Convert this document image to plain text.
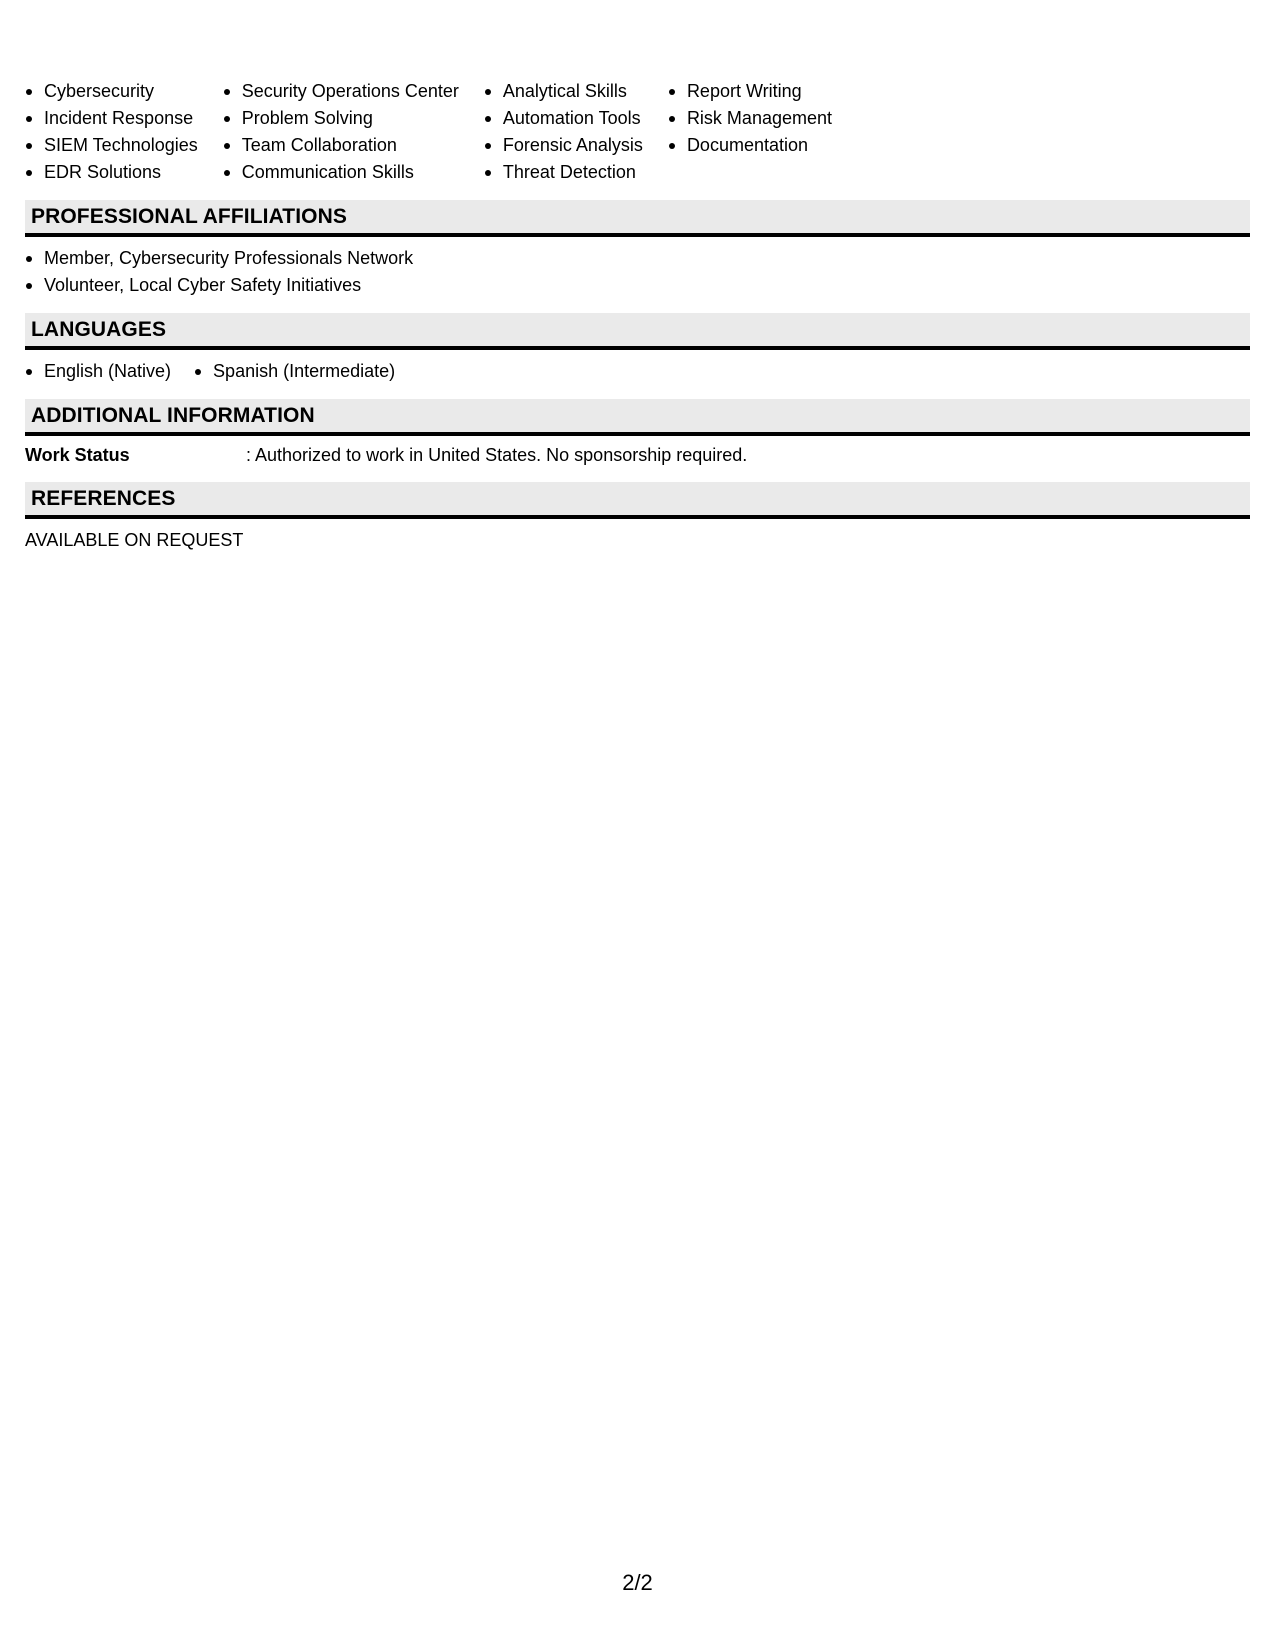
Cybersecurity
Incident Response
SIEM Technologies
EDR Solutions
Security Operations Center
Problem Solving
Team Collaboration
Communication Skills
Analytical Skills
Automation Tools
Forensic Analysis
Threat Detection
Report Writing
Risk Management
Documentation
PROFESSIONAL AFFILIATIONS
Member, Cybersecurity Professionals Network
Volunteer, Local Cyber Safety Initiatives
LANGUAGES
English (Native)	Spanish (Intermediate)
ADDITIONAL INFORMATION
Work Status	: Authorized to work in United States. No sponsorship required.
REFERENCES
AVAILABLE ON REQUEST
2/2
